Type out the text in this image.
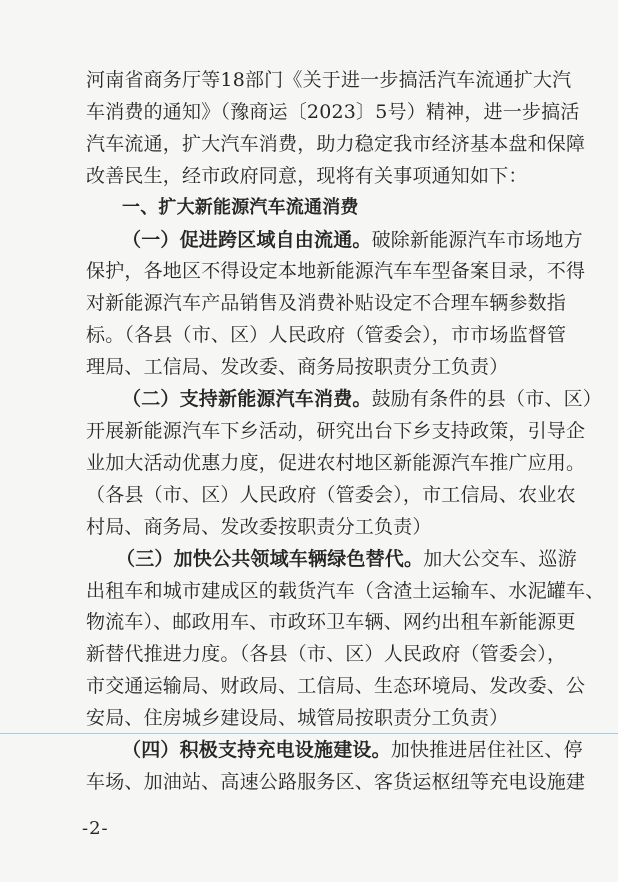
河南省商务厅等18部门《关于进一步搞活汽车流通扩大汽
车消费的通知》（豫商运〔2023〕5号）精神，进一步搞活
汽车流通，扩大汽车消费，助力稳定我市经济基本盘和保障
改善民生，经市政府同意，现将有关事项通知如下：
一、扩大新能源汽车流通消费
（一）促进跨区域自由流通。破除新能源汽车市场地方
保护，各地区不得设定本地新能源汽车车型备案目录，不得
对新能源汽车产品销售及消费补贴设定不合理车辆参数指
标。（各县（市、区）人民政府（管委会），市市场监督管
理局、工信局、发改委、商务局按职责分工负责）
（二）支持新能源汽车消费。鼓励有条件的县（市、区）
开展新能源汽车下乡活动，研究出台下乡支持政策，引导企
业加大活动优惠力度，促进农村地区新能源汽车推广应用。
（各县（市、区）人民政府（管委会），市工信局、农业农
村局、商务局、发改委按职责分工负责）
（三）加快公共领域车辆绿色替代。加大公交车、巡游
出租车和城市建成区的载货汽车（含渣土运输车、水泥罐车、
物流车）、邮政用车、市政环卫车辆、网约出租车新能源更
新替代推进力度。（各县（市、区）人民政府（管委会），
市交通运输局、财政局、工信局、生态环境局、发改委、公
安局、住房城乡建设局、城管局按职责分工负责）
（四）积极支持充电设施建设。加快推进居住社区、停
车场、加油站、高速公路服务区、客货运枢纽等充电设施建
-2-
